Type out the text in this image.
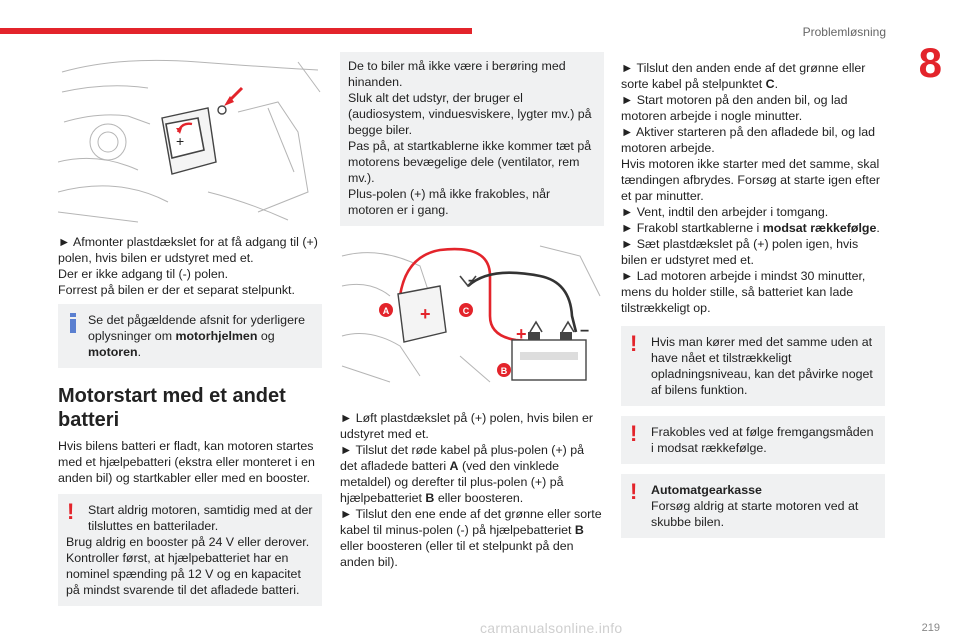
Problemløsning
8
+

► Afmonter plastdækslet for at få adgang til (+) polen, hvis bilen er udstyret med et.

Der er ikke adgang til (-) polen.

Forrest på bilen er der et separat stelpunkt.

Se det pågældende afsnit for yderligere oplysninger om motorhjelmen og motoren.

Motorstart med et andet batteri

Hvis bilens batteri er fladt, kan motoren startes med et hjælpebatteri (ekstra eller monteret i en anden bil) og startkabler eller med en booster.

!	Start aldrig motoren, samtidig med at der tilsluttes en batterilader.

Brug aldrig en booster på 24 V eller derover.

Kontroller først, at hjælpebatteriet har en nominel spænding på 12 V og en kapacitet på mindst svarende til det afladede batteri.

De to biler må ikke være i berøring med hinanden.

Sluk alt det udstyr, der bruger el (audiosystem, vinduesviskere, lygter mv.) på begge biler.

Pas på, at startkablerne ikke kommer tæt på motorens bevægelige dele (ventilator, rem mv.).

Plus-polen (+) må ikke frakobles, når motoren er i gang.

A	C
B
+
−
+	−

► Løft plastdækslet på (+) polen, hvis bilen er udstyret med et.

► Tilslut det røde kabel på plus-polen (+) på det afladede batteri A (ved den vinklede metaldel) og derefter til plus-polen (+) på hjælpebatteriet B eller boosteren.

► Tilslut den ene ende af det grønne eller sorte kabel til minus-polen (-) på hjælpebatteriet B eller boosteren (eller til et stelpunkt på den anden bil).

► Tilslut den anden ende af det grønne eller sorte kabel på stelpunktet C.

► Start motoren på den anden bil, og lad motoren arbejde i nogle minutter.

► Aktiver starteren på den afladede bil, og lad motoren arbejde.

Hvis motoren ikke starter med det samme, skal tændingen afbrydes. Forsøg at starte igen efter et par minutter.

► Vent, indtil den arbejder i tomgang.

► Frakobl startkablerne i modsat rækkefølge.

► Sæt plastdækslet på (+) polen igen, hvis bilen er udstyret med et.

► Lad motoren arbejde i mindst 30 minutter, mens du holder stille, så batteriet kan lade tilstrækkeligt op.

!	Hvis man kører med det samme uden at have nået et tilstrækkeligt opladningsniveau, kan det påvirke noget af bilens funktion.

!	Frakobles ved at følge fremgangsmåden i modsat rækkefølge.

!	Automatgearkasse

Forsøg aldrig at starte motoren ved at skubbe bilen.

carmanualsonline.info	219
